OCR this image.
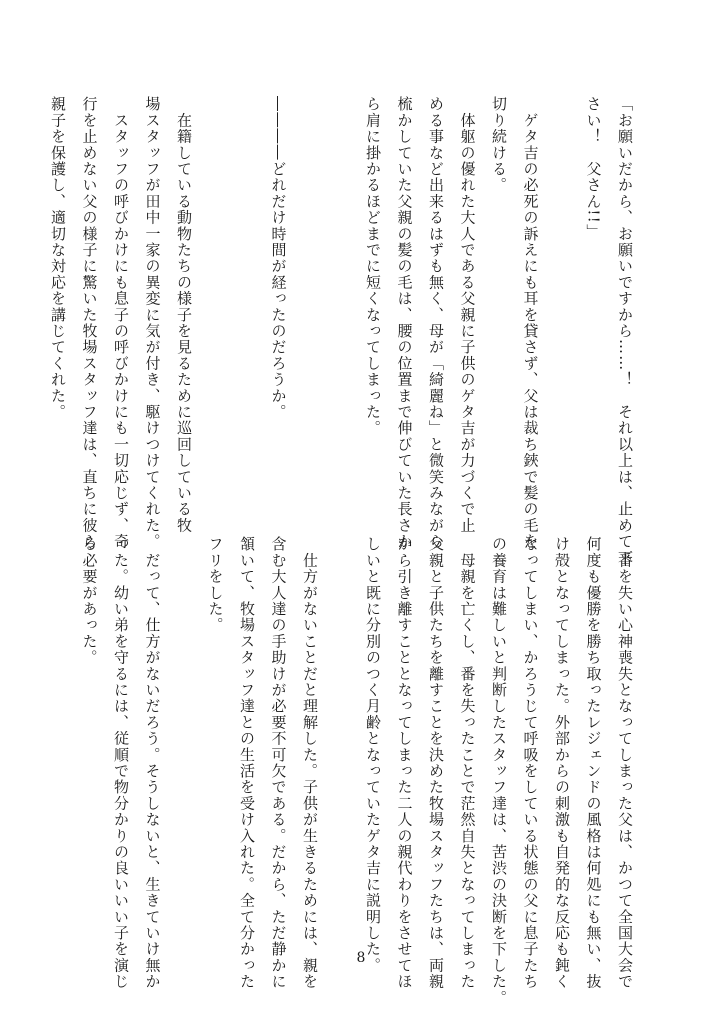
「お願いだから、お願いですから……！　それ以上は、止めて下

さい！　父さん!!」

　ゲタ吉の必死の訴えにも耳を貸さず、父は裁ち鋏で髪の毛を

切り続ける。

　体躯の優れた大人である父親に子供のゲタ吉が力づくで止

める事など出来るはずも無く、母が「綺麗ね」と微笑みながら

梳かしていた父親の髪の毛は、腰の位置まで伸びていた長さか

ら肩に掛かるほどまでに短くなってしまった。

――――どれだけ時間が経ったのだろうか。

　在籍している動物たちの様子を見るために巡回している牧

場スタッフが田中一家の異変に気が付き、駆けつけてくれた。

　スタッフの呼びかけにも息子の呼びかけにも一切応じず、奇

行を止めない父の様子に驚いた牧場スタッフ達は、直ちに彼ら

親子を保護し、適切な対応を講じてくれた。

　番を失い心神喪失となってしまった父は、かつて全国大会で

何度も優勝を勝ち取ったレジェンドの風格は何処にも無い、抜

け殻となってしまった。外部からの刺激も自発的な反応も鈍く

なってしまい、かろうじて呼吸をしている状態の父に息子たち

の養育は難しいと判断したスタッフ達は、苦渋の決断を下した。

　母親を亡くし、番を失ったことで茫然自失となってしまった

父親と子供たちを離すことを決めた牧場スタッフたちは、両親

から引き離すこととなってしまった二人の親代わりをさせてほ

しいと既に分別のつく月齢となっていたゲタ吉に説明した。

　仕方がないことだと理解した。子供が生きるためには、親を

含む大人達の手助けが必要不可欠である。だから、ただ静かに

頷いて、牧場スタッフ達との生活を受け入れた。全て分かった

フリをした。

　だって、仕方がないだろう。そうしないと、生きていけ無か

った。幼い弟を守るには、従順で物分かりの良いいい子を演じ

る必要があった。

8
